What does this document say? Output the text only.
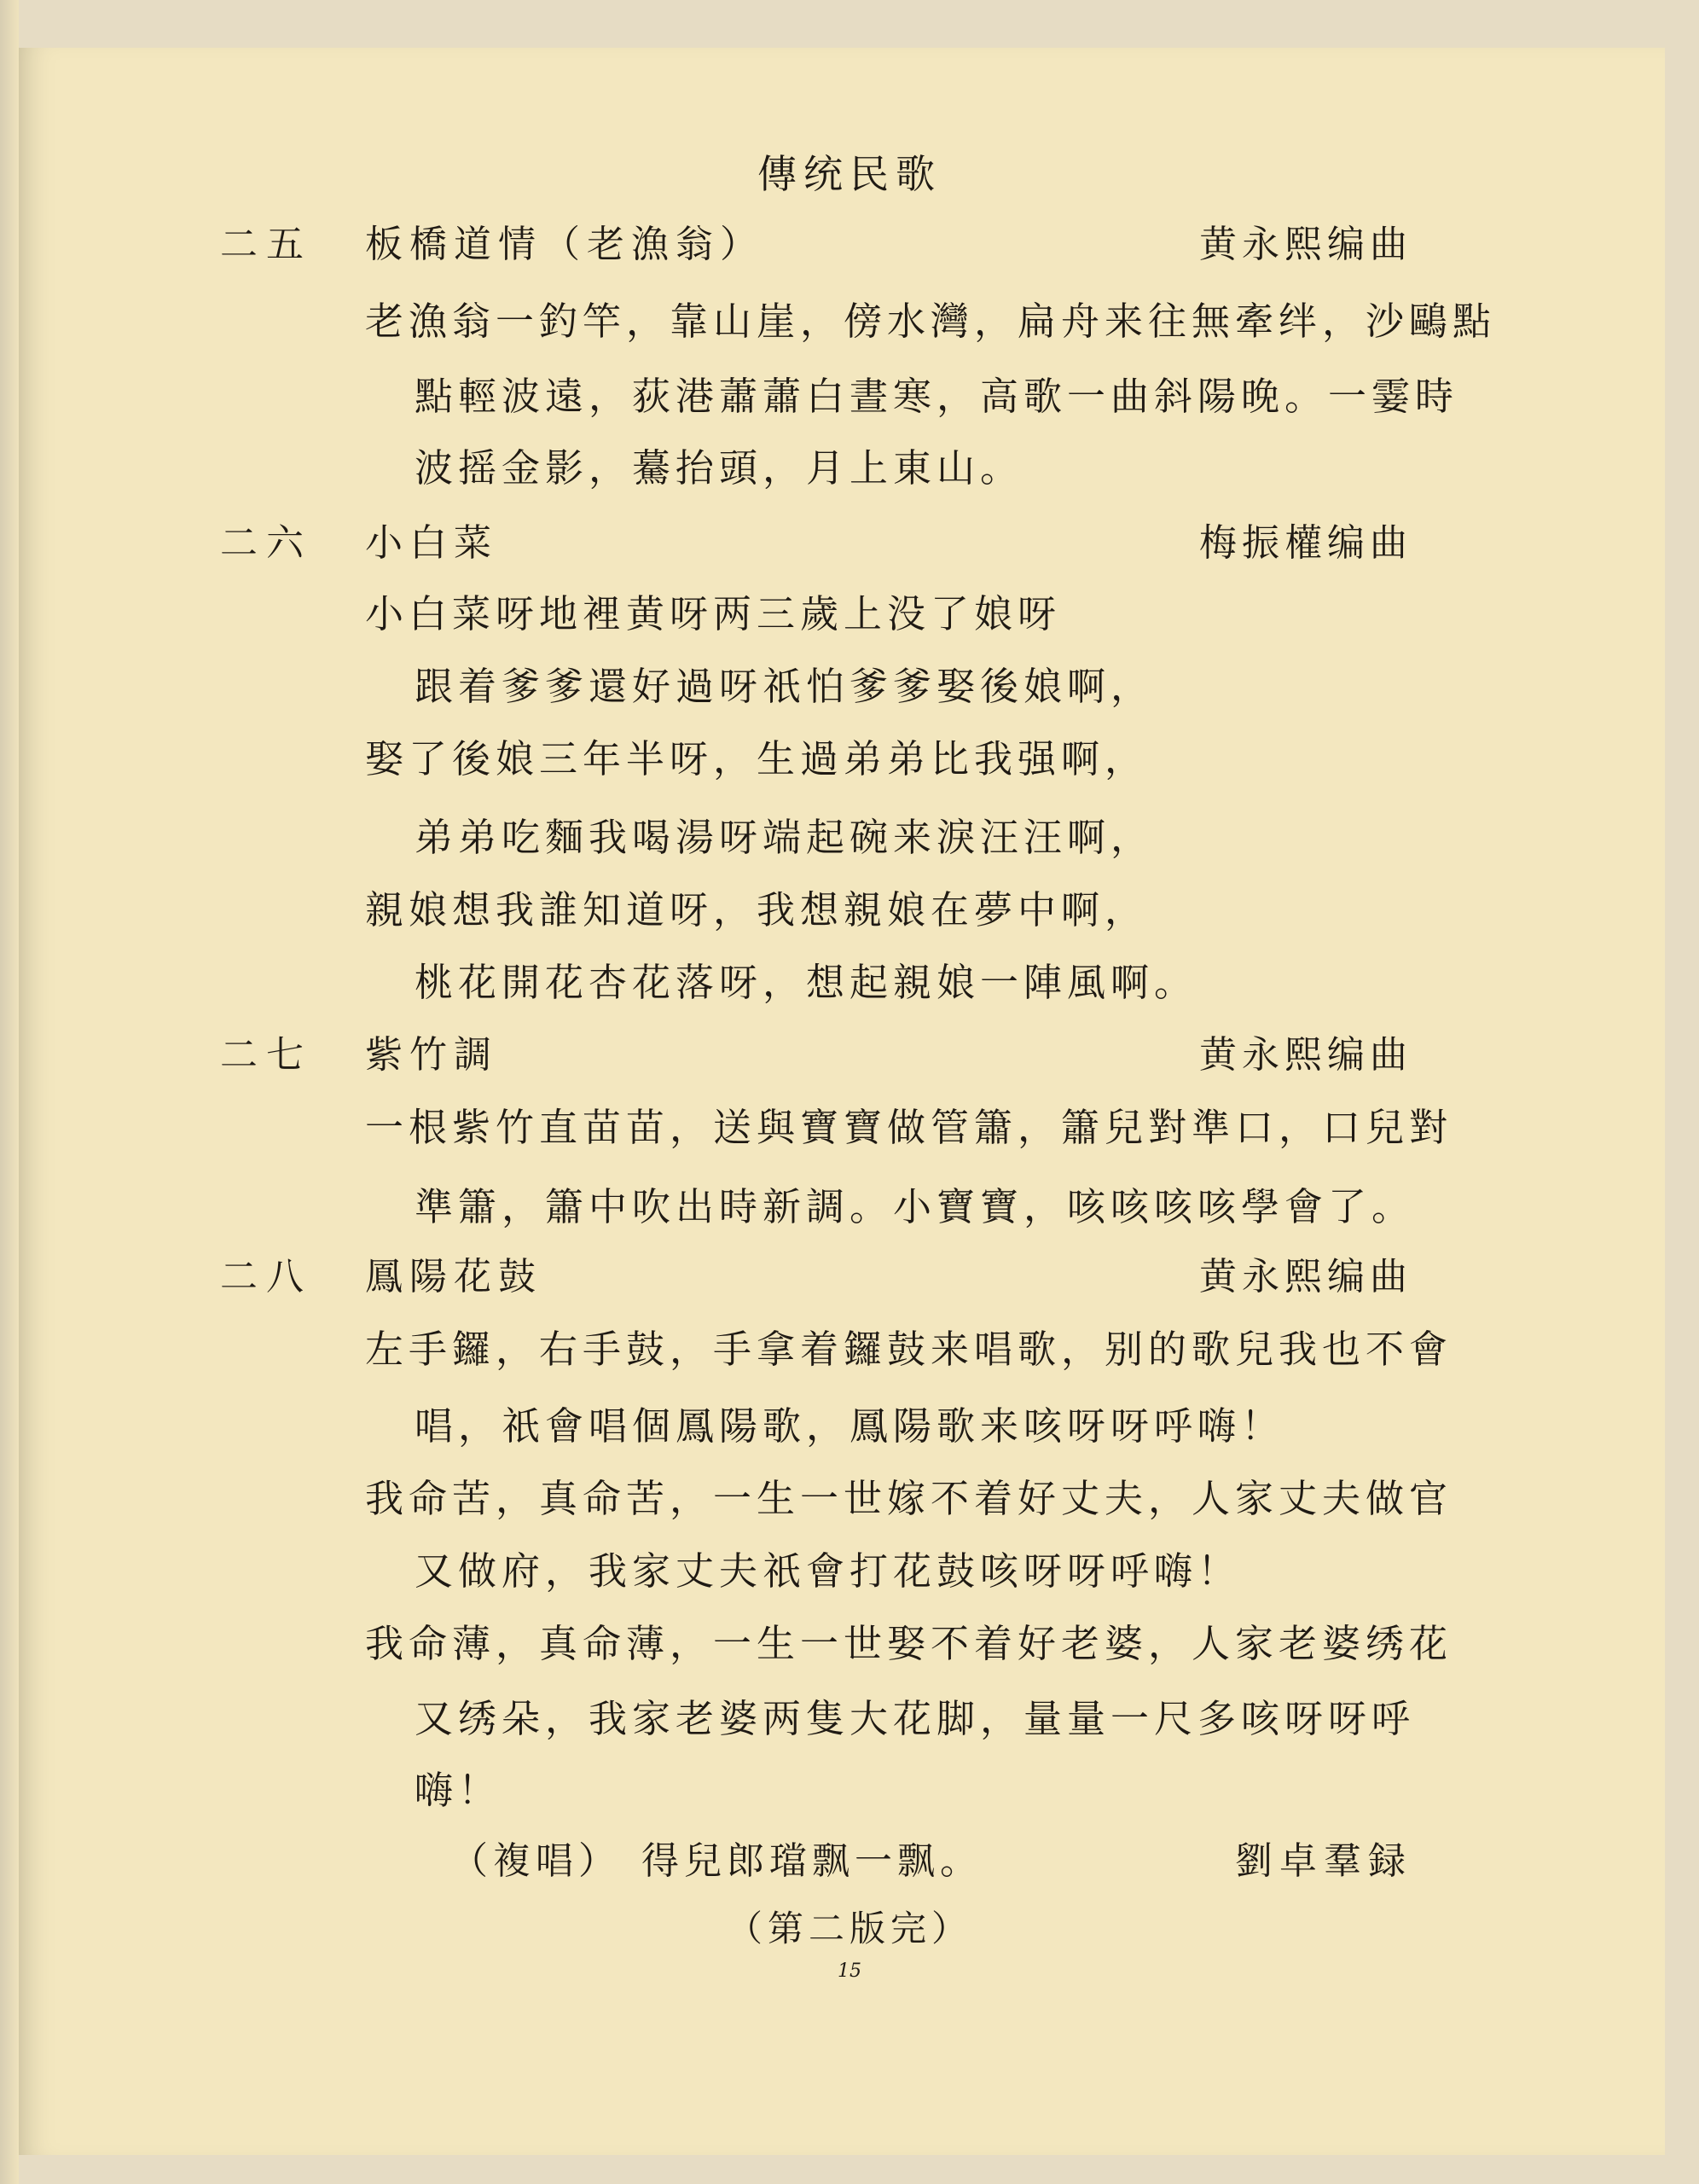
傳统民歌
二五 板橋道情（老漁翁）	黄永熙编曲
老漁翁一釣竿，靠山崖，傍水灣，扁舟来往無牽绊，沙鷗點
點輕波遠，荻港蕭蕭白晝寒，高歌一曲斜陽晚。一霎時
波摇金影，驀抬頭，月上東山。
二六 小白菜	梅振權编曲
小白菜呀地裡黄呀两三歲上没了娘呀
跟着爹爹還好過呀祇怕爹爹娶後娘啊，
娶了後娘三年半呀，生過弟弟比我强啊，
弟弟吃麵我喝湯呀端起碗来淚汪汪啊，
親娘想我誰知道呀，我想親娘在夢中啊，
桃花開花杏花落呀，想起親娘一陣風啊。
二七 紫竹調	黄永熙编曲
一根紫竹直苗苗，送與寶寶做管簫，簫兒對準口，口兒對
準簫，簫中吹出時新調。小寶寶，咳咳咳咳學會了。
二八 鳳陽花鼓	黄永熙编曲
左手鑼，右手鼓，手拿着鑼鼓来唱歌，别的歌兒我也不會
唱，祇會唱個鳳陽歌，鳳陽歌来咳呀呀呼嗨！
我命苦，真命苦，一生一世嫁不着好丈夫，人家丈夫做官
又做府，我家丈夫祇會打花鼓咳呀呀呼嗨！
我命薄，真命薄，一生一世娶不着好老婆，人家老婆绣花
又绣朵，我家老婆两隻大花脚，量量一尺多咳呀呀呼
嗨！
（複唱） 得兒郎璫飘一飘。	劉卓羣録
（第二版完）
15
